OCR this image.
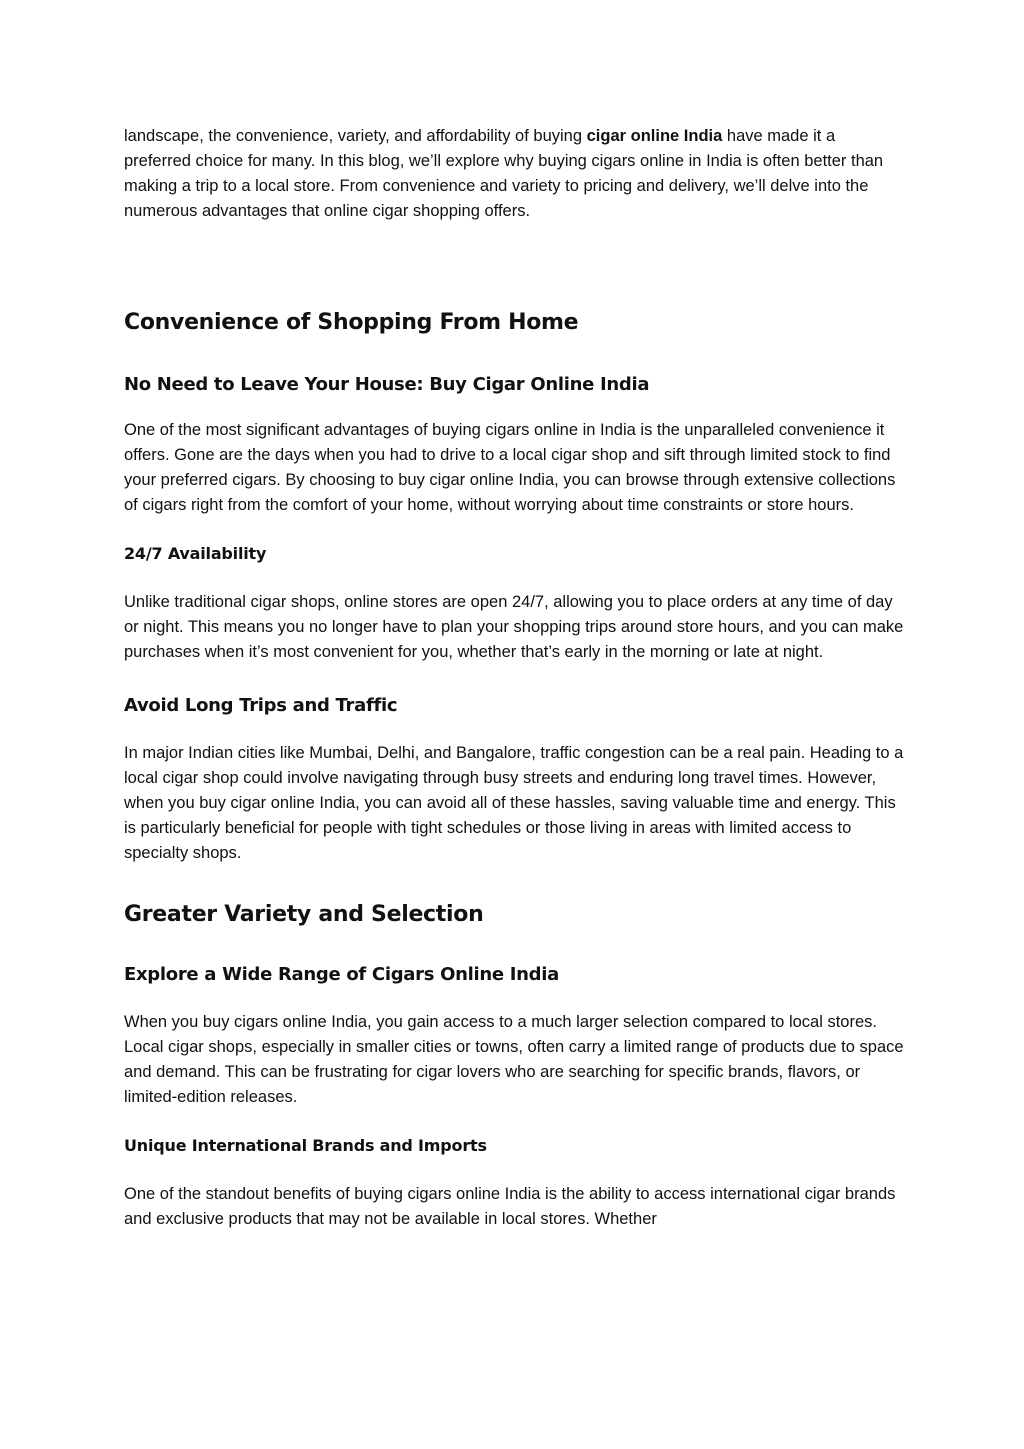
landscape, the convenience, variety, and affordability of buying cigar online India have made it a preferred choice for many. In this blog, we’ll explore why buying cigars online in India is often better than making a trip to a local store. From convenience and variety to pricing and delivery, we’ll delve into the numerous advantages that online cigar shopping offers.

Convenience of Shopping From Home
No Need to Leave Your House: Buy Cigar Online India

One of the most significant advantages of buying cigars online in India is the unparalleled convenience it offers. Gone are the days when you had to drive to a local cigar shop and sift through limited stock to find your preferred cigars. By choosing to buy cigar online India, you can browse through extensive collections of cigars right from the comfort of your home, without worrying about time constraints or store hours.

24/7 Availability

Unlike traditional cigar shops, online stores are open 24/7, allowing you to place orders at any time of day or night. This means you no longer have to plan your shopping trips around store hours, and you can make purchases when it’s most convenient for you, whether that’s early in the morning or late at night.

Avoid Long Trips and Traffic

In major Indian cities like Mumbai, Delhi, and Bangalore, traffic congestion can be a real pain. Heading to a local cigar shop could involve navigating through busy streets and enduring long travel times. However, when you buy cigar online India, you can avoid all of these hassles, saving valuable time and energy. This is particularly beneficial for people with tight schedules or those living in areas with limited access to specialty shops.

Greater Variety and Selection
Explore a Wide Range of Cigars Online India

When you buy cigars online India, you gain access to a much larger selection compared to local stores. Local cigar shops, especially in smaller cities or towns, often carry a limited range of products due to space and demand. This can be frustrating for cigar lovers who are searching for specific brands, flavors, or limited-edition releases.

Unique International Brands and Imports

One of the standout benefits of buying cigars online India is the ability to access international cigar brands and exclusive products that may not be available in local stores. Whether
